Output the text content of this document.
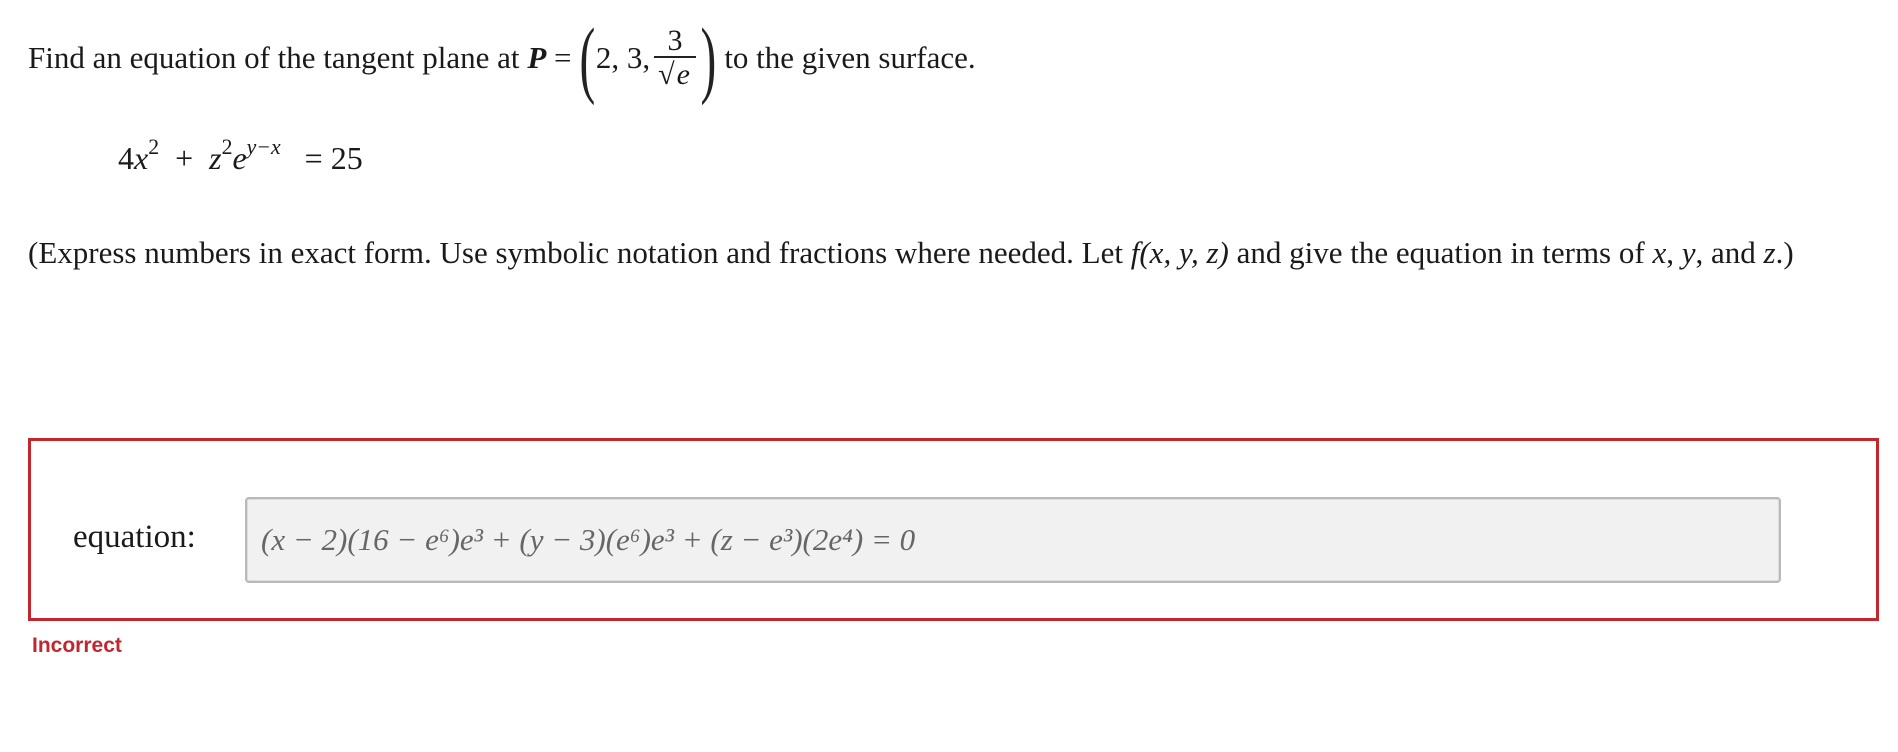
Find an equation of the tangent plane at
P
=
( 2, 3, $\frac{3}{√e}$ )
to the given surface.
$4x^2 + z^2e^{y-x} = 25$
(Express numbers in exact form. Use symbolic notation and fractions where needed. Let f(x, y, z) and give the equation in terms of x, y, and z.)
equation: (x − 2)(16 − e⁶)e³ + (y − 3)(e⁶)e³ + (z − e³)(2e⁴) = 0
Incorrect
